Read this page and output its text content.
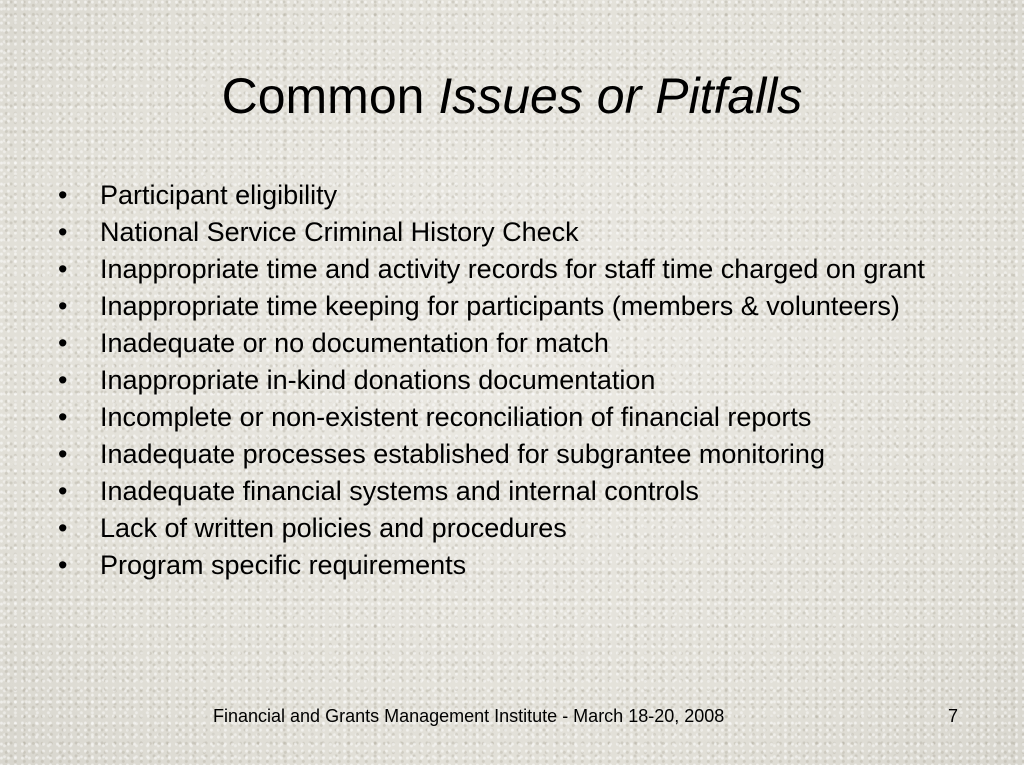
Common Issues or Pitfalls
•	Participant eligibility
•	National Service Criminal History Check
•	Inappropriate time and activity records for staff time charged on grant
•	Inappropriate time keeping for participants (members & volunteers)
•	Inadequate or no documentation for match
•	Inappropriate in-kind donations documentation
•	Incomplete or non-existent reconciliation of financial reports
•	Inadequate processes established for subgrantee monitoring
•	Inadequate financial systems and internal controls
•	Lack of written policies and procedures
•	Program specific requirements
Financial and Grants Management Institute - March 18-20, 2008	7
